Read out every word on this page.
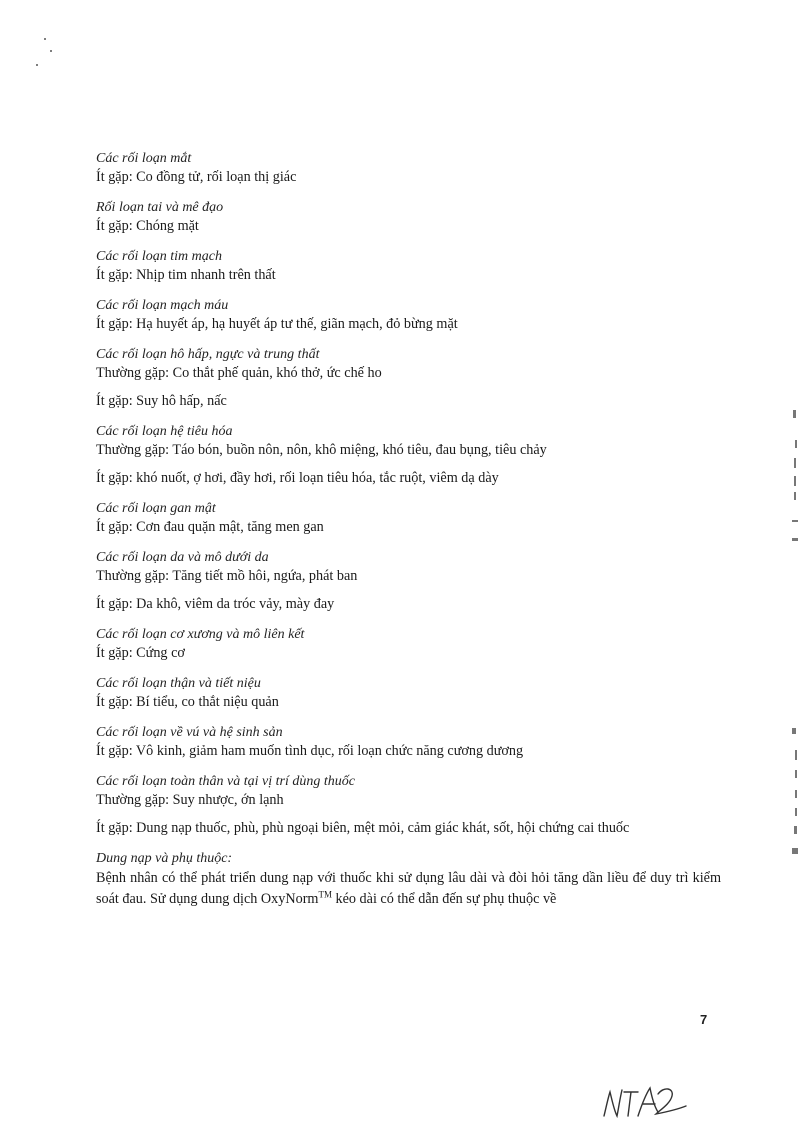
Các rối loạn mắt
Ít gặp: Co đồng tử, rối loạn thị giác
Rối loạn tai và mê đạo
Ít gặp: Chóng mặt
Các rối loạn tim mạch
Ít gặp: Nhịp tim nhanh trên thất
Các rối loạn mạch máu
Ít gặp: Hạ huyết áp, hạ huyết áp tư thế, giãn mạch, đỏ bừng mặt
Các rối loạn hô hấp, ngực và trung thất
Thường gặp: Co thắt phế quản, khó thở, ức chế ho
Ít gặp: Suy hô hấp, nấc
Các rối loạn hệ tiêu hóa
Thường gặp: Táo bón, buồn nôn, nôn, khô miệng, khó tiêu, đau bụng, tiêu chảy
Ít gặp: khó nuốt, ợ hơi, đầy hơi, rối loạn tiêu hóa, tắc ruột, viêm dạ dày
Các rối loạn gan mật
Ít gặp: Cơn đau quặn mật, tăng men gan
Các rối loạn da và mô dưới da
Thường gặp: Tăng tiết mồ hôi, ngứa, phát ban
Ít gặp: Da khô, viêm da tróc vảy, mày đay
Các rối loạn cơ xương và mô liên kết
Ít gặp: Cứng cơ
Các rối loạn thận và tiết niệu
Ít gặp: Bí tiểu, co thắt niệu quản
Các rối loạn về vú và hệ sinh sản
Ít gặp: Vô kinh, giảm ham muốn tình dục, rối loạn chức năng cương dương
Các rối loạn toàn thân và tại vị trí dùng thuốc
Thường gặp: Suy nhược, ớn lạnh
Ít gặp: Dung nạp thuốc, phù, phù ngoại biên, mệt mỏi, cảm giác khát, sốt, hội chứng cai thuốc
Dung nạp và phụ thuộc:
Bệnh nhân có thể phát triển dung nạp với thuốc khi sử dụng lâu dài và đòi hỏi tăng dần liều để duy trì kiểm soát đau. Sử dụng dung dịch OxyNorm™ kéo dài có thể dẫn đến sự phụ thuộc về
7
